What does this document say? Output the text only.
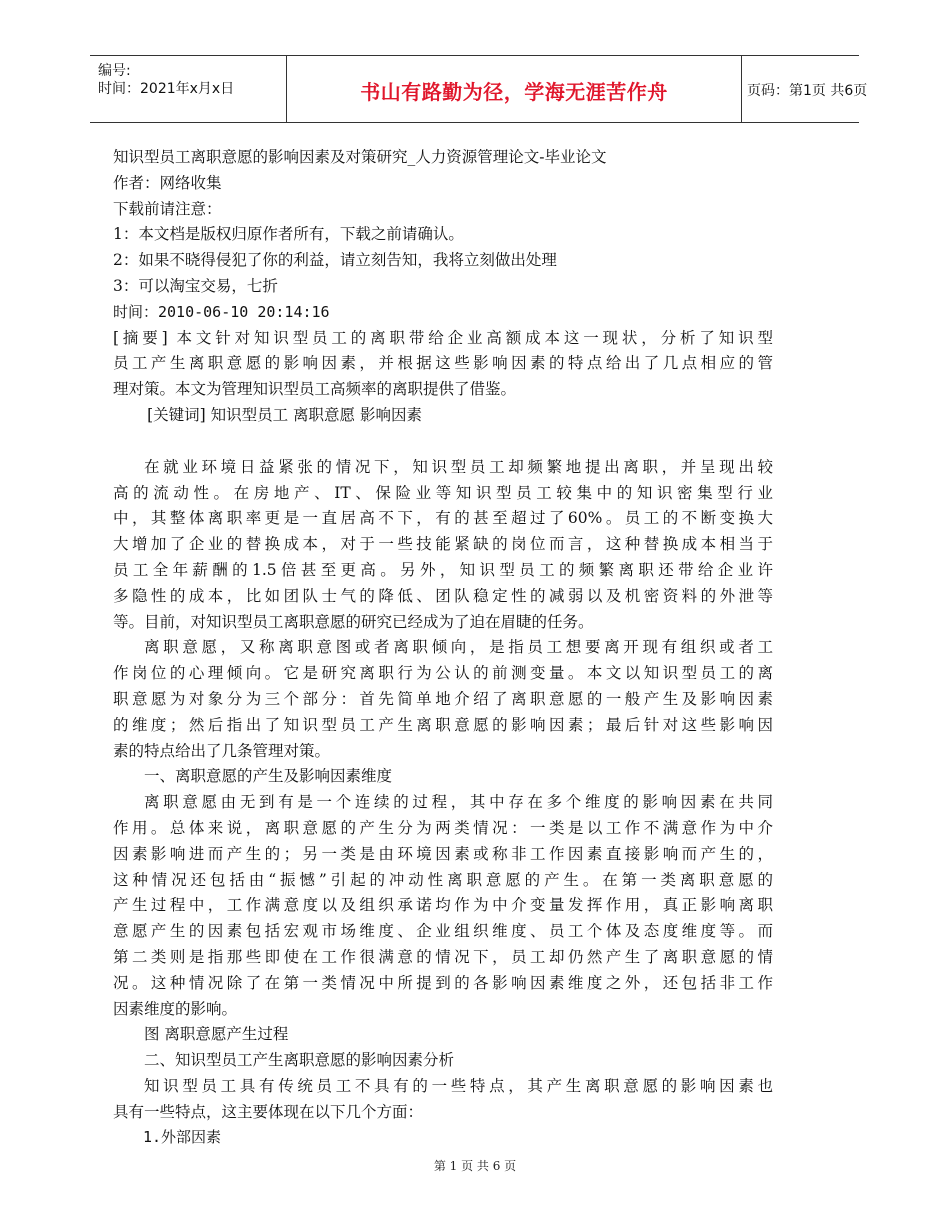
编号:
时间：2021年x月x日	书山有路勤为径，学海无涯苦作舟	页码：第1页 共6页
知识型员工离职意愿的影响因素及对策研究_人力资源管理论文-毕业论文
作者：网络收集
下载前请注意：
1：本文档是版权归原作者所有，下载之前请确认。
2：如果不晓得侵犯了你的利益，请立刻告知，我将立刻做出处理
3：可以淘宝交易，七折
时间：2010-06-10 20:14:16
[摘要] 本文针对知识型员工的离职带给企业高额成本这一现状，分析了知识型
员工产生离职意愿的影响因素，并根据这些影响因素的特点给出了几点相应的管
理对策。本文为管理知识型员工高频率的离职提供了借鉴。
[关键词] 知识型员工 离职意愿 影响因素
在就业环境日益紧张的情况下，知识型员工却频繁地提出离职，并呈现出较
高的流动性。在房地产、IT、保险业等知识型员工较集中的知识密集型行业
中，其整体离职率更是一直居高不下，有的甚至超过了60%。员工的不断变换大
大增加了企业的替换成本，对于一些技能紧缺的岗位而言，这种替换成本相当于
员工全年薪酬的1.5倍甚至更高。另外，知识型员工的频繁离职还带给企业许
多隐性的成本，比如团队士气的降低、团队稳定性的减弱以及机密资料的外泄等
等。目前，对知识型员工离职意愿的研究已经成为了迫在眉睫的任务。
离职意愿，又称离职意图或者离职倾向，是指员工想要离开现有组织或者工
作岗位的心理倾向。它是研究离职行为公认的前测变量。本文以知识型员工的离
职意愿为对象分为三个部分：首先简单地介绍了离职意愿的一般产生及影响因素
的维度；然后指出了知识型员工产生离职意愿的影响因素；最后针对这些影响因
素的特点给出了几条管理对策。
一、离职意愿的产生及影响因素维度
离职意愿由无到有是一个连续的过程，其中存在多个维度的影响因素在共同
作用。总体来说，离职意愿的产生分为两类情况：一类是以工作不满意作为中介
因素影响进而产生的；另一类是由环境因素或称非工作因素直接影响而产生的，
这种情况还包括由“振憾”引起的冲动性离职意愿的产生。在第一类离职意愿的
产生过程中，工作满意度以及组织承诺均作为中介变量发挥作用，真正影响离职
意愿产生的因素包括宏观市场维度、企业组织维度、员工个体及态度维度等。而
第二类则是指那些即使在工作很满意的情况下，员工却仍然产生了离职意愿的情
况。这种情况除了在第一类情况中所提到的各影响因素维度之外，还包括非工作
因素维度的影响。
图 离职意愿产生过程
二、知识型员工产生离职意愿的影响因素分析
知识型员工具有传统员工不具有的一些特点，其产生离职意愿的影响因素也
具有一些特点，这主要体现在以下几个方面：
1.外部因素
第 1 页 共 6 页
